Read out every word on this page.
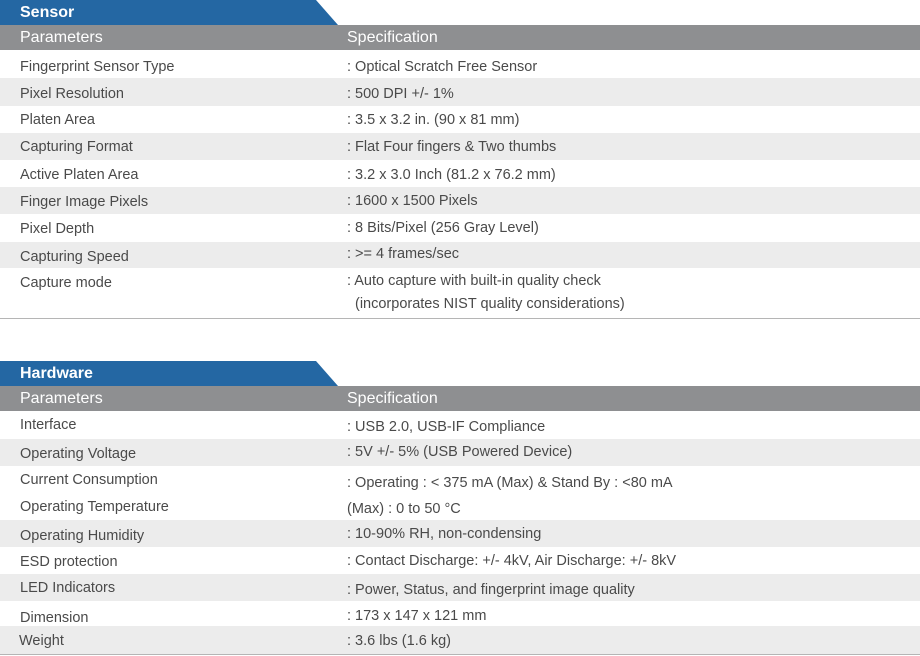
Sensor
Parameters	Specification
Fingerprint Sensor Type	: Optical Scratch Free Sensor
Pixel Resolution	: 500 DPI +/- 1%
Platen Area	: 3.5 x 3.2 in. (90 x 81 mm)
Capturing Format	: Flat Four fingers & Two thumbs
Active Platen Area	: 3.2 x 3.0 Inch (81.2 x 76.2 mm)
Finger Image Pixels	: 1600 x 1500 Pixels
Pixel Depth	: 8 Bits/Pixel (256 Gray Level)
Capturing Speed	: >= 4 frames/sec
Capture mode	: Auto capture with built-in quality check
(incorporates NIST quality considerations)
Hardware
Parameters	Specification
Interface	: USB 2.0, USB-IF Compliance
Operating Voltage	: 5V +/- 5% (USB Powered Device)
Current Consumption	: Operating : < 375 mA (Max) & Stand By : <80 mA
Operating Temperature	(Max) : 0 to 50 °C
Operating Humidity	: 10-90% RH, non-condensing
ESD protection	: Contact Discharge: +/- 4kV, Air Discharge: +/- 8kV
LED Indicators	: Power, Status, and fingerprint image quality
Dimension	: 173 x 147 x 121 mm
Weight	: 3.6 lbs (1.6 kg)
